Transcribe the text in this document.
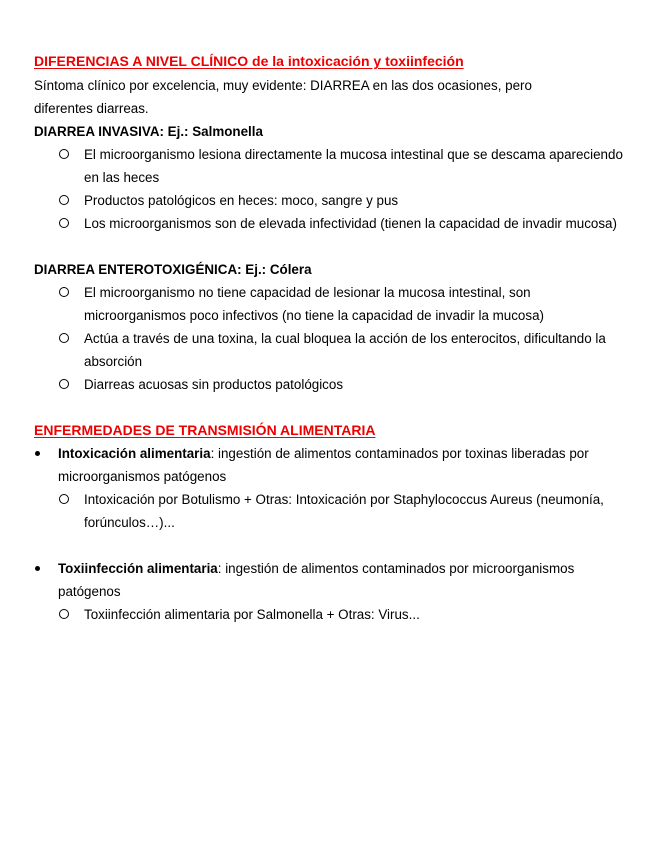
DIFERENCIAS A NIVEL CLÍNICO de la intoxicación y toxiinfeción
Síntoma clínico por excelencia, muy evidente: DIARREA en las dos ocasiones, pero diferentes diarreas.
DIARREA INVASIVA: Ej.: Salmonella
El microorganismo lesiona directamente la mucosa intestinal que se descama apareciendo en las heces
Productos patológicos en heces: moco, sangre y pus
Los microorganismos son de elevada infectividad (tienen la capacidad de invadir mucosa)
DIARREA ENTEROTOXIGÉNICA: Ej.: Cólera
El microorganismo no tiene capacidad de lesionar la mucosa intestinal, son microorganismos poco infectivos (no tiene la capacidad de invadir la mucosa)
Actúa a través de una toxina, la cual bloquea la acción de los enterocitos, dificultando la absorción
Diarreas acuosas sin productos patológicos
ENFERMEDADES DE TRANSMISIÓN ALIMENTARIA
Intoxicación alimentaria: ingestión de alimentos contaminados por toxinas liberadas por microorganismos patógenos
Intoxicación por Botulismo + Otras: Intoxicación por Staphylococcus Aureus (neumonía, forúnculos…)...
Toxiinfección alimentaria: ingestión de alimentos contaminados por microorganismos patógenos
Toxiinfección alimentaria por Salmonella + Otras: Virus...
